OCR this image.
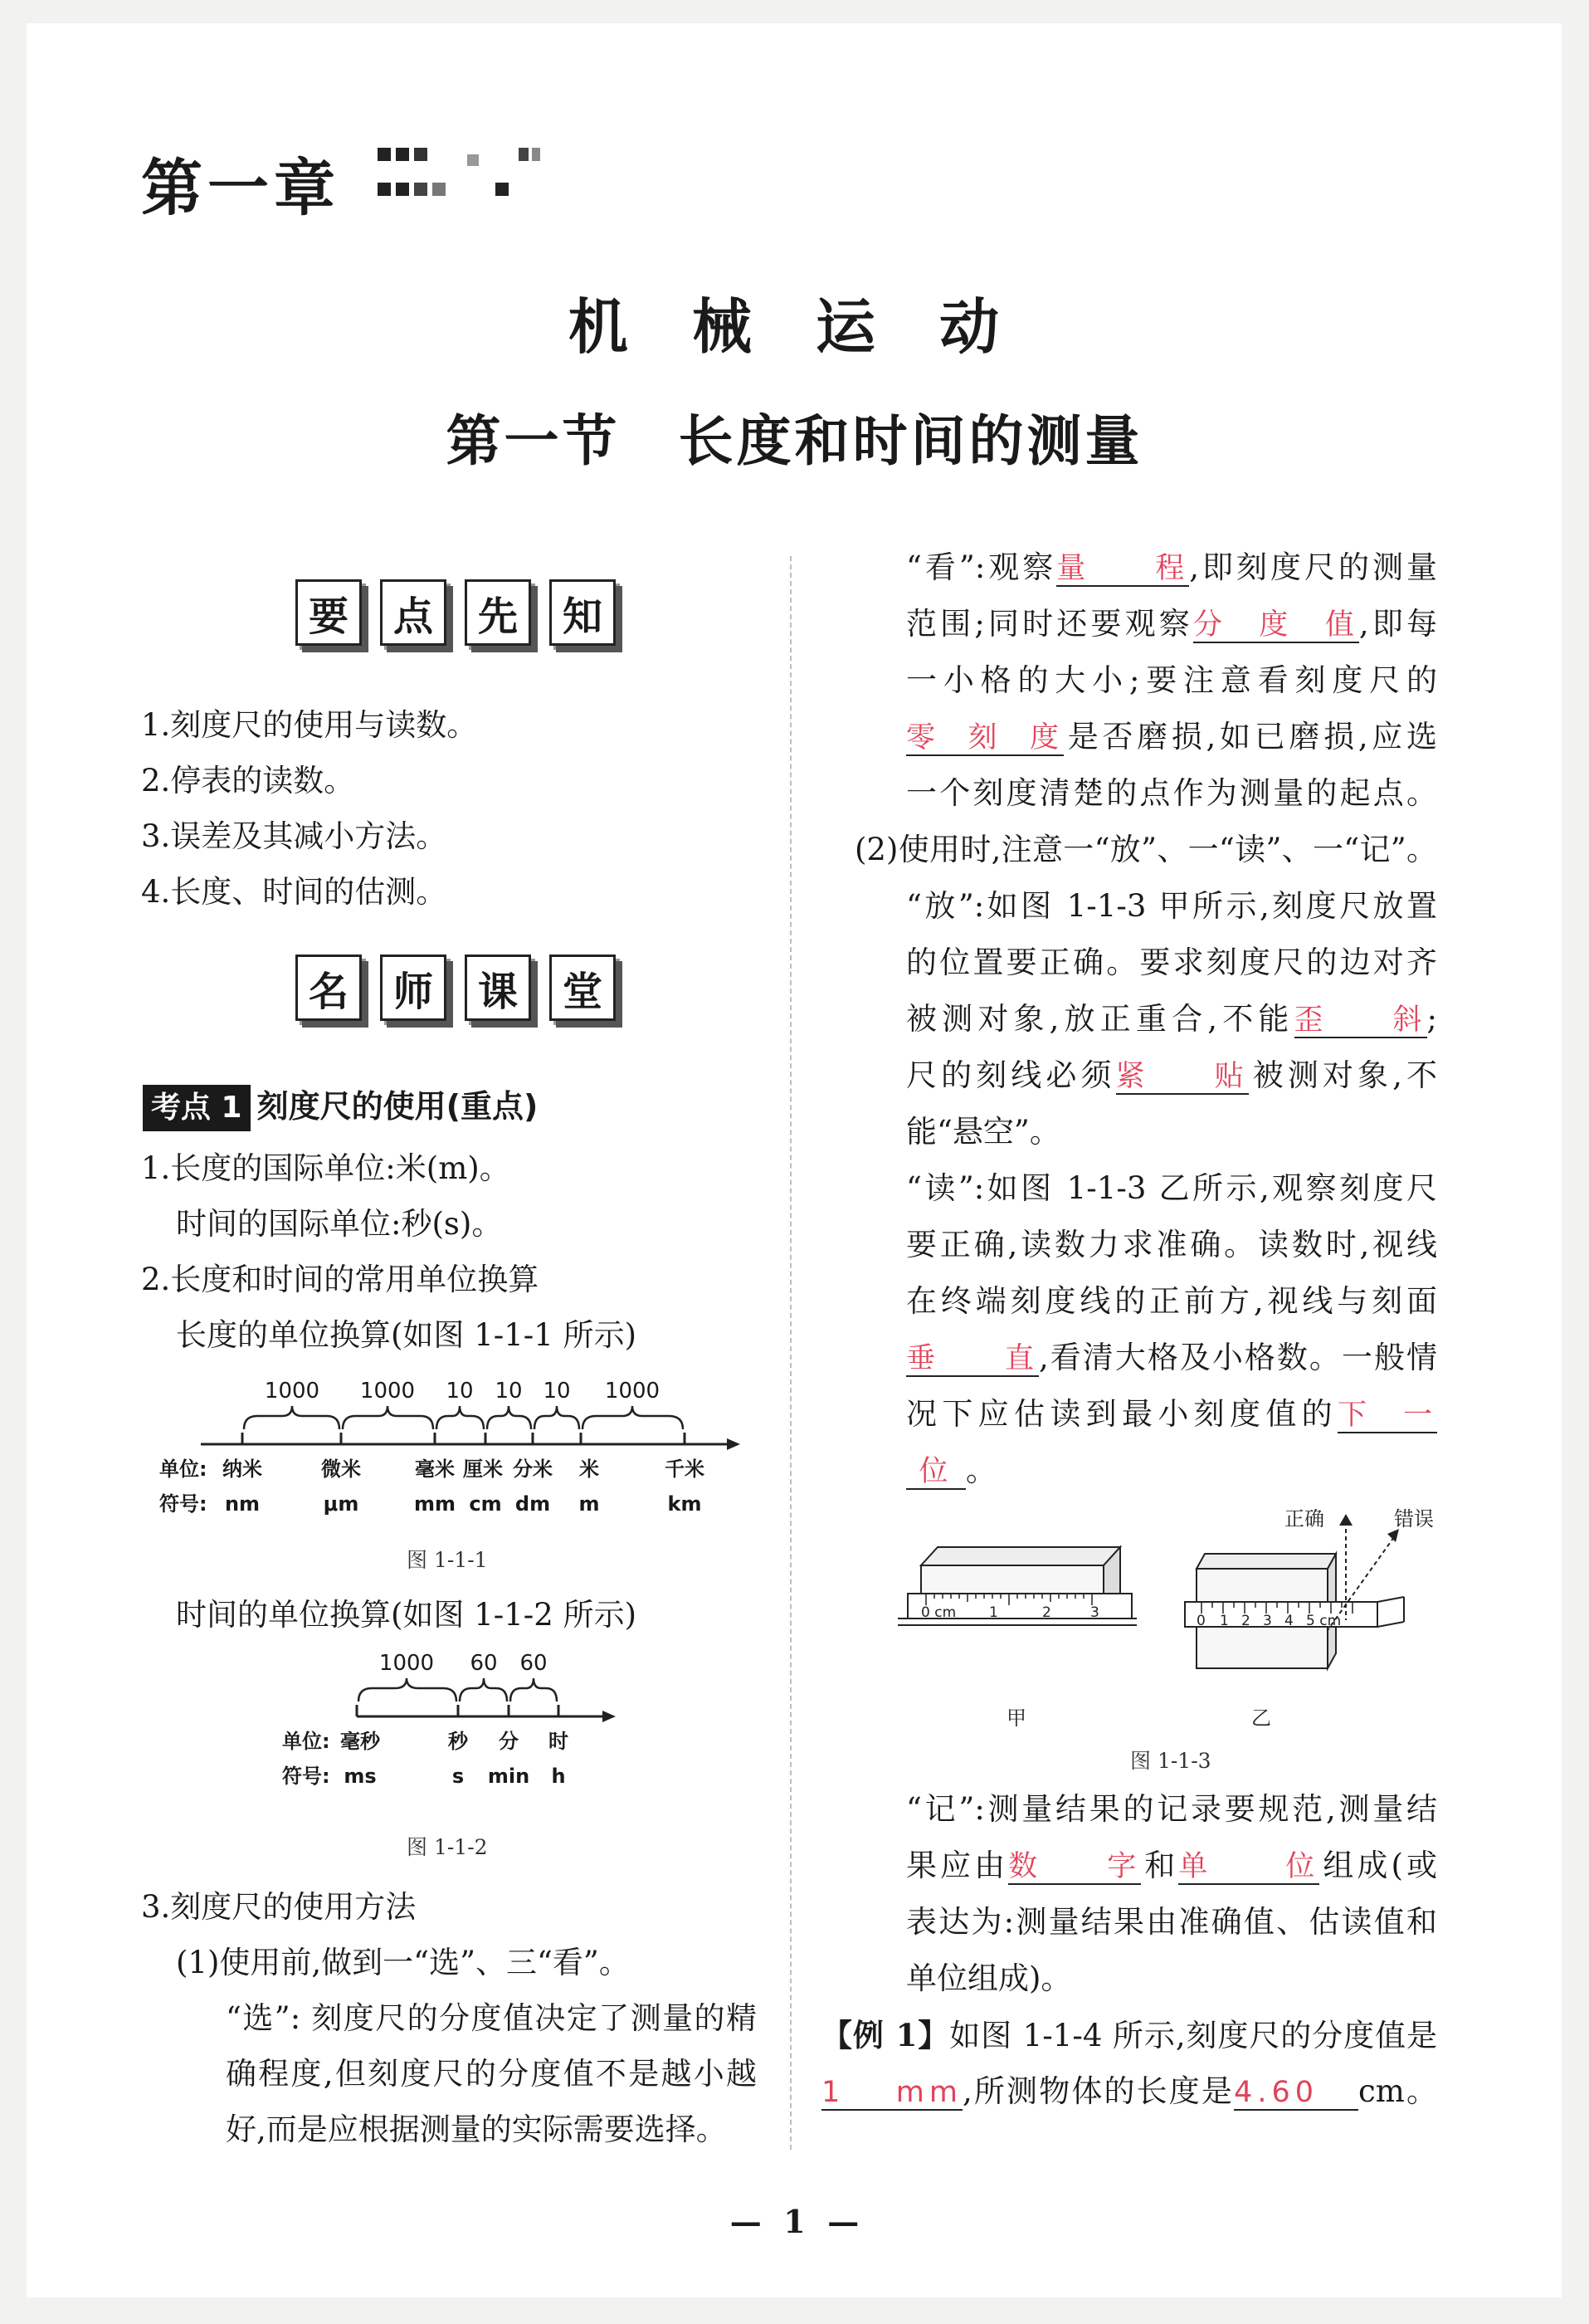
第一章
机 械 运 动
第一节　长度和时间的测量
要	点	先	知
1.刻度尺的使用与读数。
2.停表的读数。
3.误差及其减小方法。
4.长度、时间的估测。
名	师	课	堂
考点 1 刻度尺的使用(重点)
1.长度的国际单位:米(m)。
时间的国际单位:秒(s)。
2.长度和时间的常用单位换算
长度的单位换算(如图 1-1-1 所示)
1000 1000 10 10 10 1000
单位:
符号:
纳米	微米	毫米 厘米 分米 米	千米
nm	μm	mm cm dm m	km
图 1-1-1
时间的单位换算(如图 1-1-2 所示)
1000 60 60
单位:
符号:
毫秒	秒 分 时
ms	s min h
图 1-1-2
3.刻度尺的使用方法
(1)使用前,做到一“选”、三“看”。
“选”: 刻度尺的分度值决定了测量的精
确程度,但刻度尺的分度值不是越小越
好,而是应根据测量的实际需要选择。
“看”:观察量程,即刻度尺的测量
范围;同时还要观察分度值,即每
一小格的大小;要注意看刻度尺的
零刻度是否磨损,如已磨损,应选
一个刻度清楚的点作为测量的起点。
(2)使用时,注意一“放”、一“读”、一“记”。
“放”:如图 1-1-3 甲所示,刻度尺放置
的位置要正确。要求刻度尺的边对齐
被测对象,放正重合,不能歪斜;
尺的刻线必须紧贴被测对象,不
能“悬空”。
“读”:如图 1-1-3 乙所示,观察刻度尺
要正确,读数力求准确。读数时,视线
在终端刻度线的正前方,视线与刻面
垂直,看清大格及小格数。一般情
况下应估读到最小刻度值的下一
位 。
0 cm 1	2	3	0 1 2 3 4 5 cm
正确	错误
甲	乙
图 1-1-3
“记”:测量结果的记录要规范,测量结
果应由数字和单位组成(或
表达为:测量结果由准确值、估读值和
单位组成)。
【例 1】如图 1-1-4 所示,刻度尺的分度值是
1 mm,所测物体的长度是4.60 cm。
— 1 —
